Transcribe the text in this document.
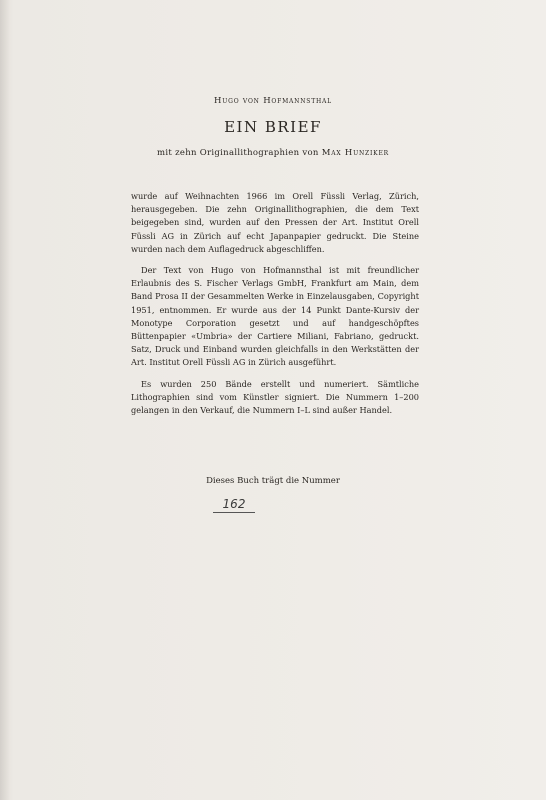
Hugo von Hofmannsthal
EIN BRIEF
mit zehn Originallithographien von Max Hunziker

wurde auf Weihnachten 1966 im Orell Füssli Verlag, Zürich, herausgegeben. Die zehn Originallithographien, die dem Text beigegeben sind, wurden auf den Pressen der Art. Institut Orell Füssli AG in Zürich auf echt Japanpapier gedruckt. Die Steine wurden nach dem Auflagedruck abgeschliffen.

Der Text von Hugo von Hofmannsthal ist mit freundlicher Erlaubnis des S. Fischer Verlags GmbH, Frankfurt am Main, dem Band Prosa II der Gesammelten Werke in Einzelausgaben, Copyright 1951, entnommen. Er wurde aus der 14 Punkt Dante-Kursiv der Monotype Corporation gesetzt und auf handgeschöpftes Büttenpapier «Umbria» der Cartiere Miliani, Fabriano, gedruckt. Satz, Druck und Einband wurden gleichfalls in den Werkstätten der Art. Institut Orell Füssli AG in Zürich ausgeführt.

Es wurden 250 Bände erstellt und numeriert. Sämtliche Lithographien sind vom Künstler signiert. Die Nummern 1–200 gelangen in den Verkauf, die Nummern I–L sind außer Handel.

Dieses Buch trägt die Nummer
162
